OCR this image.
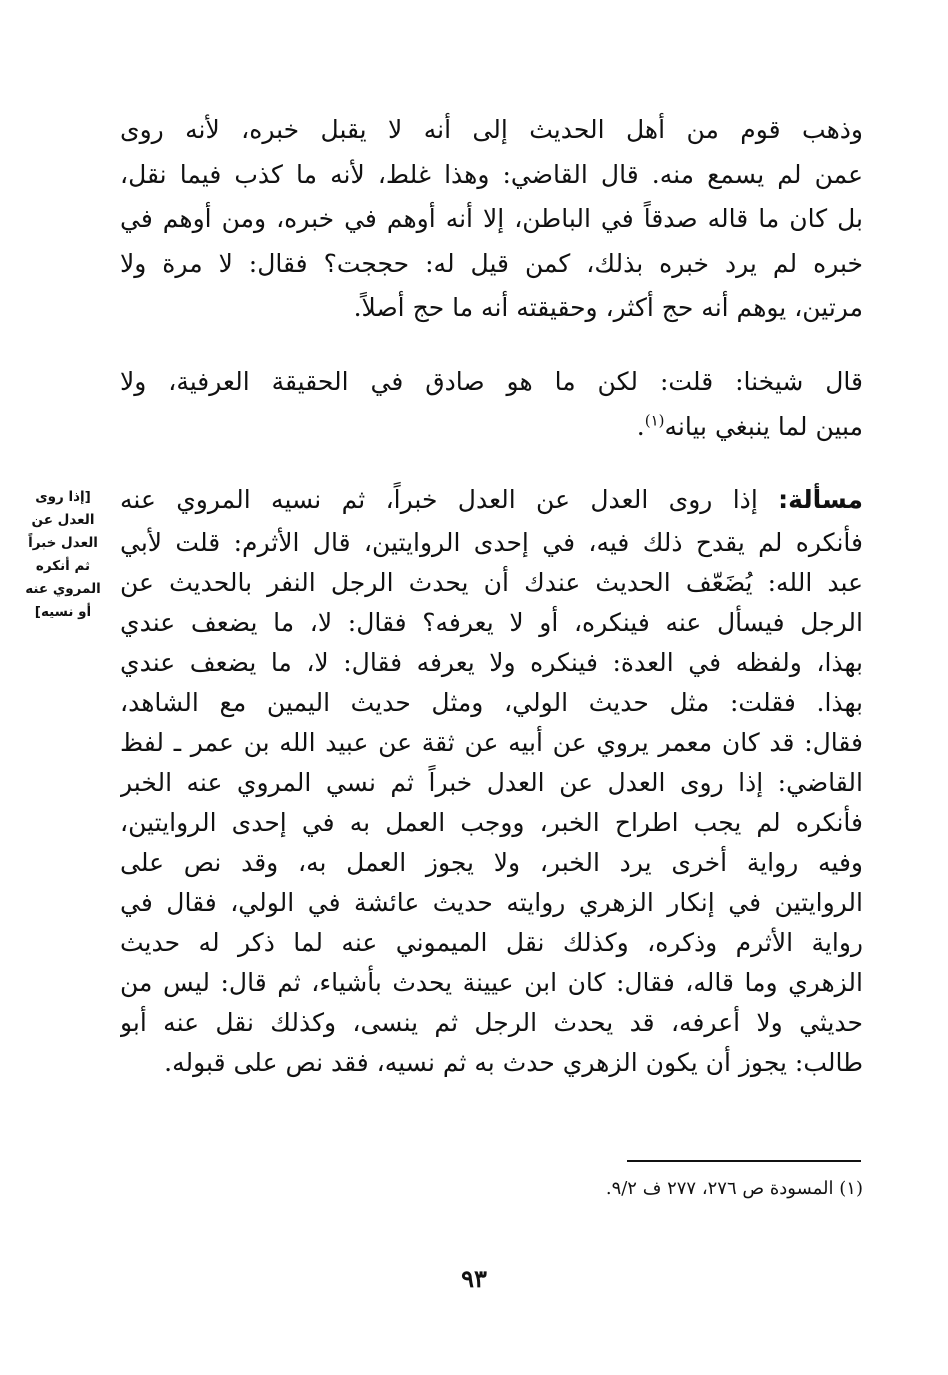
وذهب قوم من أهل الحديث إلى أنه لا يقبل خبره، لأنه روى
عمن لم يسمع منه. قال القاضي: وهذا غلط، لأنه ما كذب فيما نقل،
بل كان ما قاله صدقاً في الباطن، إلا أنه أوهم في خبره، ومن أوهم في
خبره لم يرد خبره بذلك، كمن قيل له: حججت؟ فقال: لا مرة ولا
مرتين، يوهم أنه حج أكثر، وحقيقته أنه ما حج أصلاً.
قال شيخنا: قلت: لكن ما هو صادق في الحقيقة العرفية، ولا
مبين لما ينبغي بيانه$^{(١)}$.
مسألة: إذا روى العدل عن العدل خبراً، ثم نسيه المروي عنه
فأنكره لم يقدح ذلك فيه، في إحدى الروايتين، قال الأثرم: قلت لأبي
عبد الله: يُضَعّف الحديث عندك أن يحدث الرجل النفر بالحديث عن
الرجل فيسأل عنه فينكره، أو لا يعرفه؟ فقال: لا، ما يضعف عندي
بهذا، ولفظه في العدة: فينكره ولا يعرفه فقال: لا، ما يضعف عندي
بهذا. فقلت: مثل حديث الولي، ومثل حديث اليمين مع الشاهد،
فقال: قد كان معمر يروي عن أبيه عن ثقة عن عبيد الله بن عمر ـ لفظ
القاضي: إذا روى العدل عن العدل خبراً ثم نسي المروي عنه الخبر
فأنكره لم يجب اطراح الخبر، ووجب العمل به في إحدى الروايتين،
وفيه رواية أخرى يرد الخبر، ولا يجوز العمل به، وقد نص على
الروايتين في إنكار الزهري روايته حديث عائشة في الولي، فقال في
رواية الأثرم وذكره، وكذلك نقل الميموني عنه لما ذكر له حديث
الزهري وما قاله، فقال: كان ابن عيينة يحدث بأشياء، ثم قال: ليس من
حديثي ولا أعرفه، قد يحدث الرجل ثم ينسى، وكذلك نقل عنه أبو
طالب: يجوز أن يكون الزهري حدث به ثم نسيه، فقد نص على قبوله.
[إذا روى
العدل عن
العدل خبراً
ثم أنكره
المروي عنه
أو نسيه]
(١) المسودة ص ٢٧٦، ٢٧٧ ف ٩/٢.
٩٣
